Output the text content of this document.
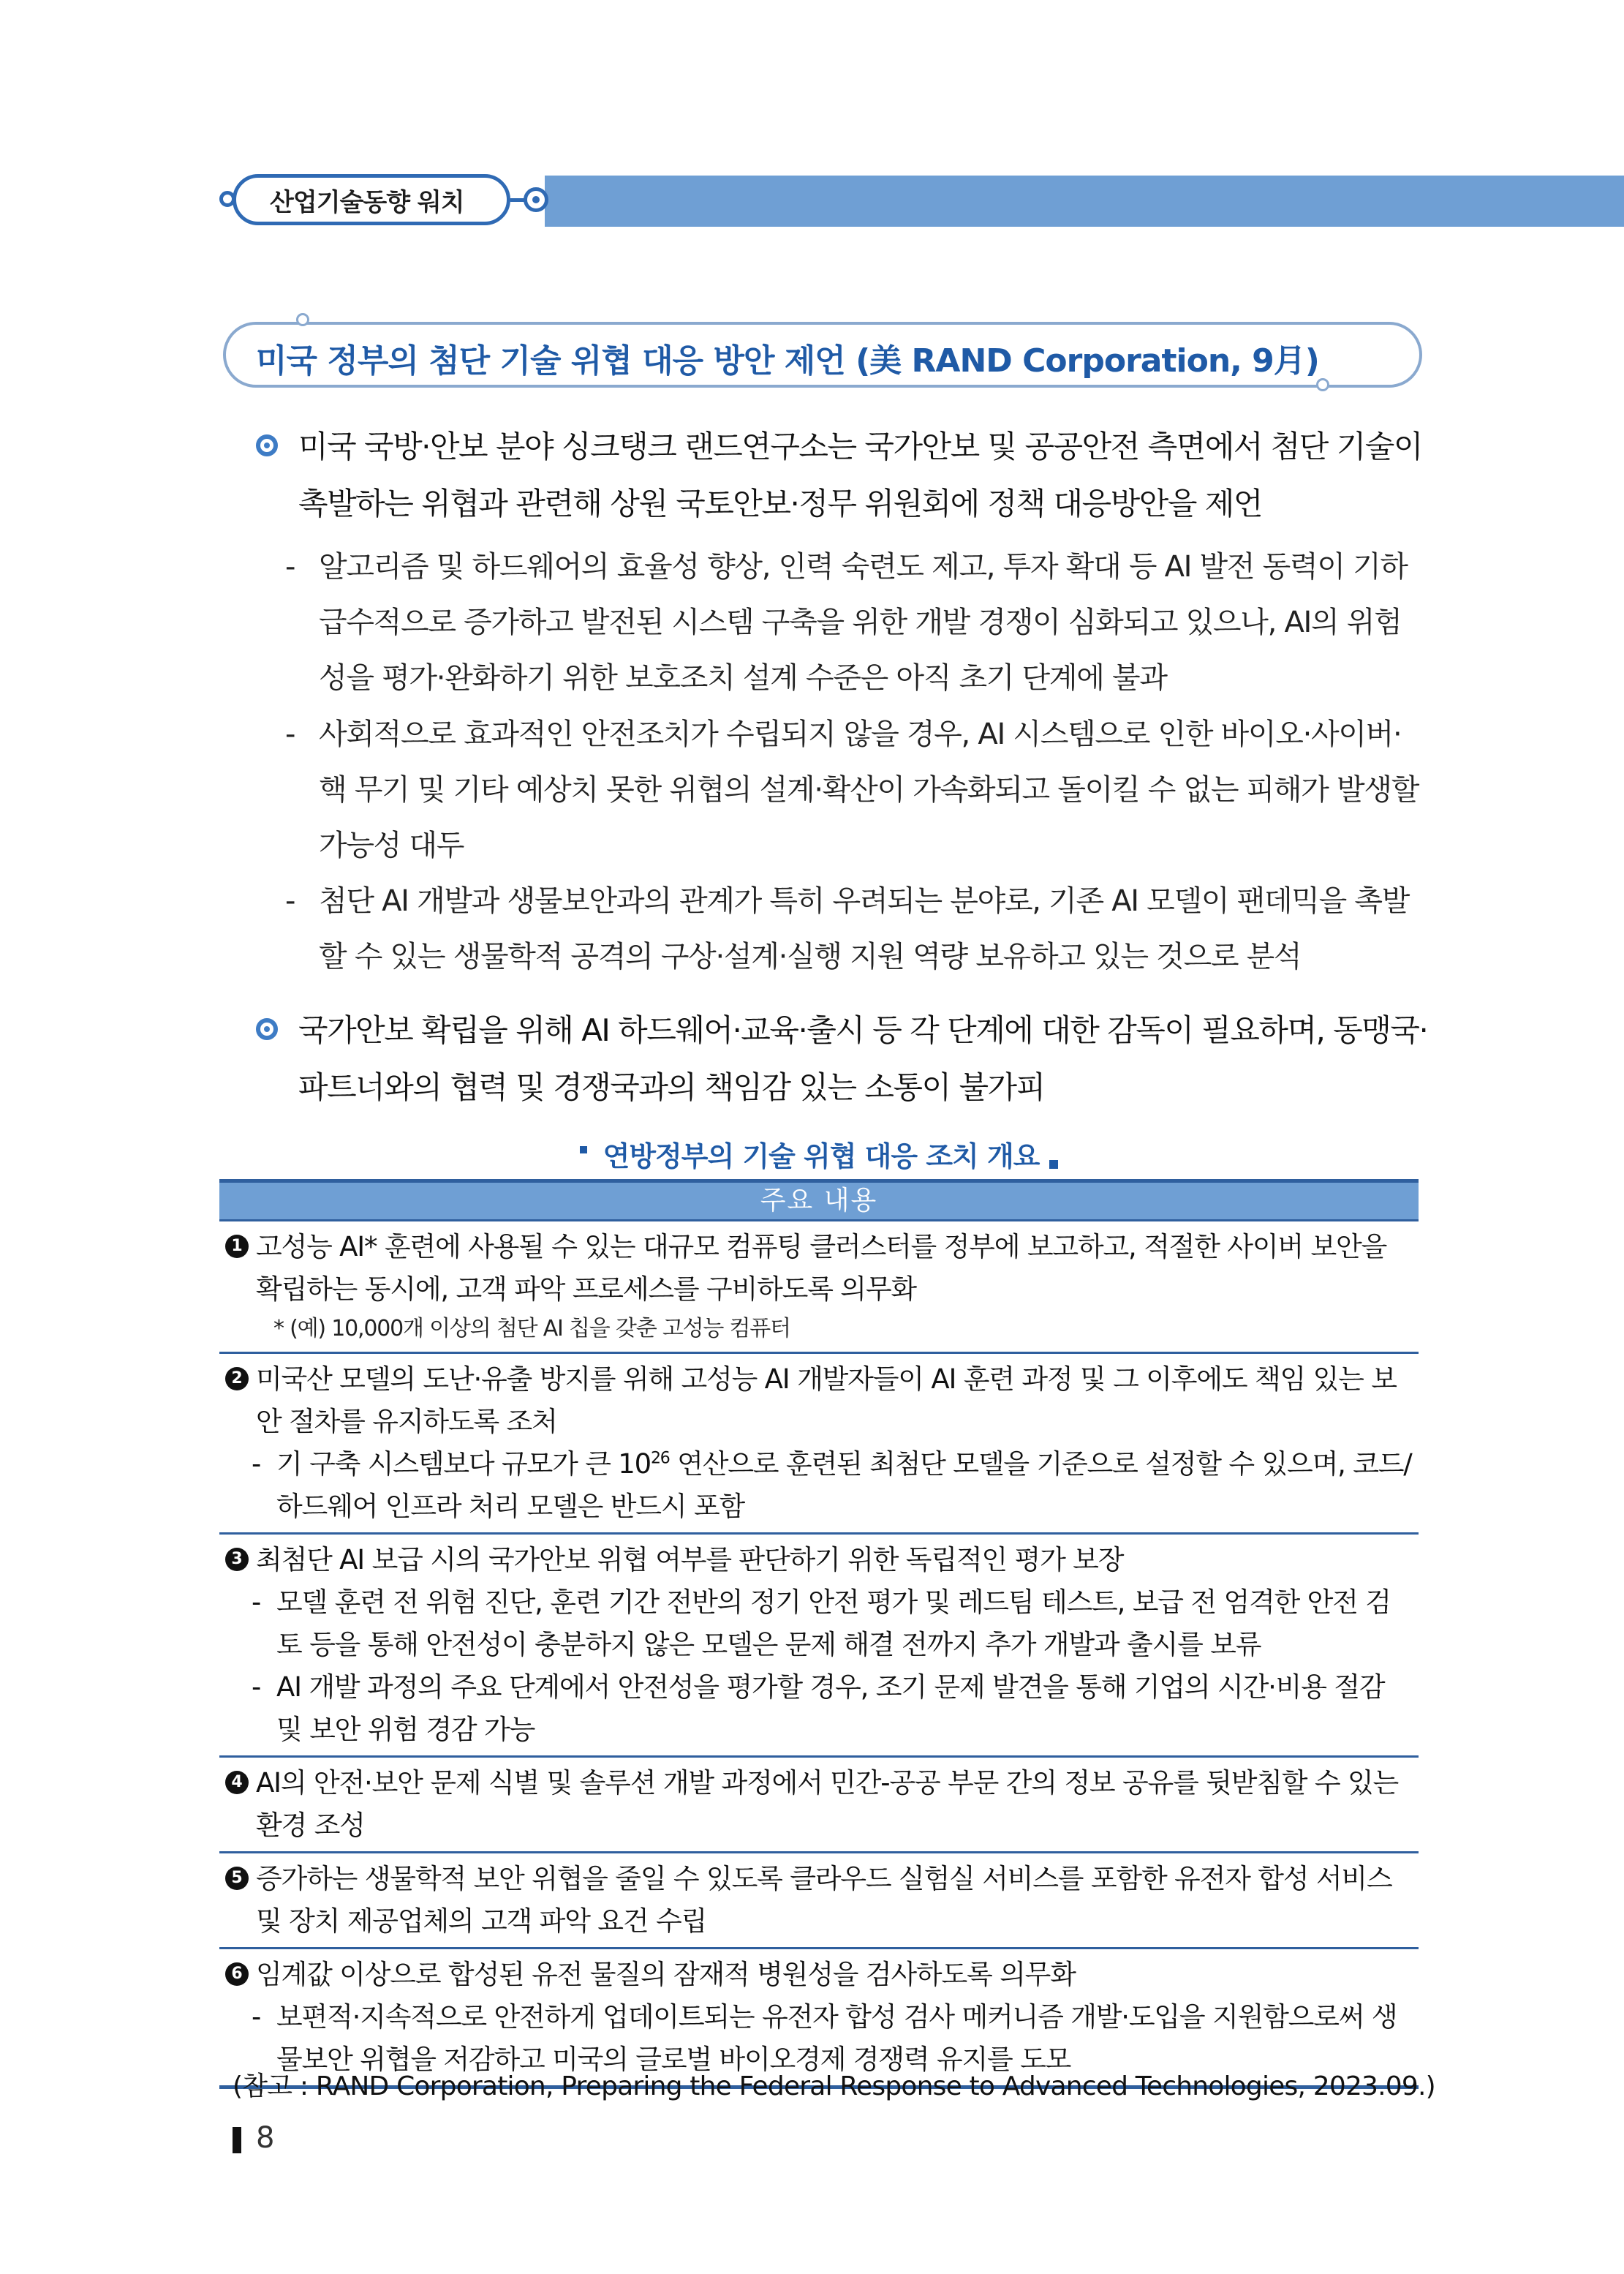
산업기술동향 워치
미국 정부의 첨단 기술 위협 대응 방안 제언 (美 RAND Corporation, 9月)
미국 국방·안보 분야 싱크탱크 랜드연구소는 국가안보 및 공공안전 측면에서 첨단 기술이 촉발하는 위협과 관련해 상원 국토안보·정무 위원회에 정책 대응방안을 제언
- 알고리즘 및 하드웨어의 효율성 향상, 인력 숙련도 제고, 투자 확대 등 AI 발전 동력이 기하급수적으로 증가하고 발전된 시스템 구축을 위한 개발 경쟁이 심화되고 있으나, AI의 위험성을 평가·완화하기 위한 보호조치 설계 수준은 아직 초기 단계에 불과
- 사회적으로 효과적인 안전조치가 수립되지 않을 경우, AI 시스템으로 인한 바이오·사이버·핵 무기 및 기타 예상치 못한 위협의 설계·확산이 가속화되고 돌이킬 수 없는 피해가 발생할 가능성 대두
- 첨단 AI 개발과 생물보안과의 관계가 특히 우려되는 분야로, 기존 AI 모델이 팬데믹을 촉발할 수 있는 생물학적 공격의 구상·설계·실행 지원 역량 보유하고 있는 것으로 분석
국가안보 확립을 위해 AI 하드웨어·교육·출시 등 각 단계에 대한 감독이 필요하며, 동맹국·파트너와의 협력 및 경쟁국과의 책임감 있는 소통이 불가피
연방정부의 기술 위협 대응 조치 개요
주요 내용
1 고성능 AI* 훈련에 사용될 수 있는 대규모 컴퓨팅 클러스터를 정부에 보고하고, 적절한 사이버 보안을 확립하는 동시에, 고객 파악 프로세스를 구비하도록 의무화
* (예) 10,000개 이상의 첨단 AI 칩을 갖춘 고성능 컴퓨터
2 미국산 모델의 도난·유출 방지를 위해 고성능 AI 개발자들이 AI 훈련 과정 및 그 이후에도 책임 있는 보안 절차를 유지하도록 조처
- 기 구축 시스템보다 규모가 큰 $10^{26}$ 연산으로 훈련된 최첨단 모델을 기준으로 설정할 수 있으며, 코드/하드웨어 인프라 처리 모델은 반드시 포함
3 최첨단 AI 보급 시의 국가안보 위협 여부를 판단하기 위한 독립적인 평가 보장
- 모델 훈련 전 위험 진단, 훈련 기간 전반의 정기 안전 평가 및 레드팀 테스트, 보급 전 엄격한 안전 검토 등을 통해 안전성이 충분하지 않은 모델은 문제 해결 전까지 추가 개발과 출시를 보류
- AI 개발 과정의 주요 단계에서 안전성을 평가할 경우, 조기 문제 발견을 통해 기업의 시간·비용 절감 및 보안 위험 경감 가능
4 AI의 안전·보안 문제 식별 및 솔루션 개발 과정에서 민간-공공 부문 간의 정보 공유를 뒷받침할 수 있는 환경 조성
5 증가하는 생물학적 보안 위협을 줄일 수 있도록 클라우드 실험실 서비스를 포함한 유전자 합성 서비스 및 장치 제공업체의 고객 파악 요건 수립
6 임계값 이상으로 합성된 유전 물질의 잠재적 병원성을 검사하도록 의무화
- 보편적·지속적으로 안전하게 업데이트되는 유전자 합성 검사 메커니즘 개발·도입을 지원함으로써 생물보안 위협을 저감하고 미국의 글로벌 바이오경제 경쟁력 유지를 도모
(참고 : RAND Corporation, Preparing the Federal Response to Advanced Technologies, 2023.09.)
8
